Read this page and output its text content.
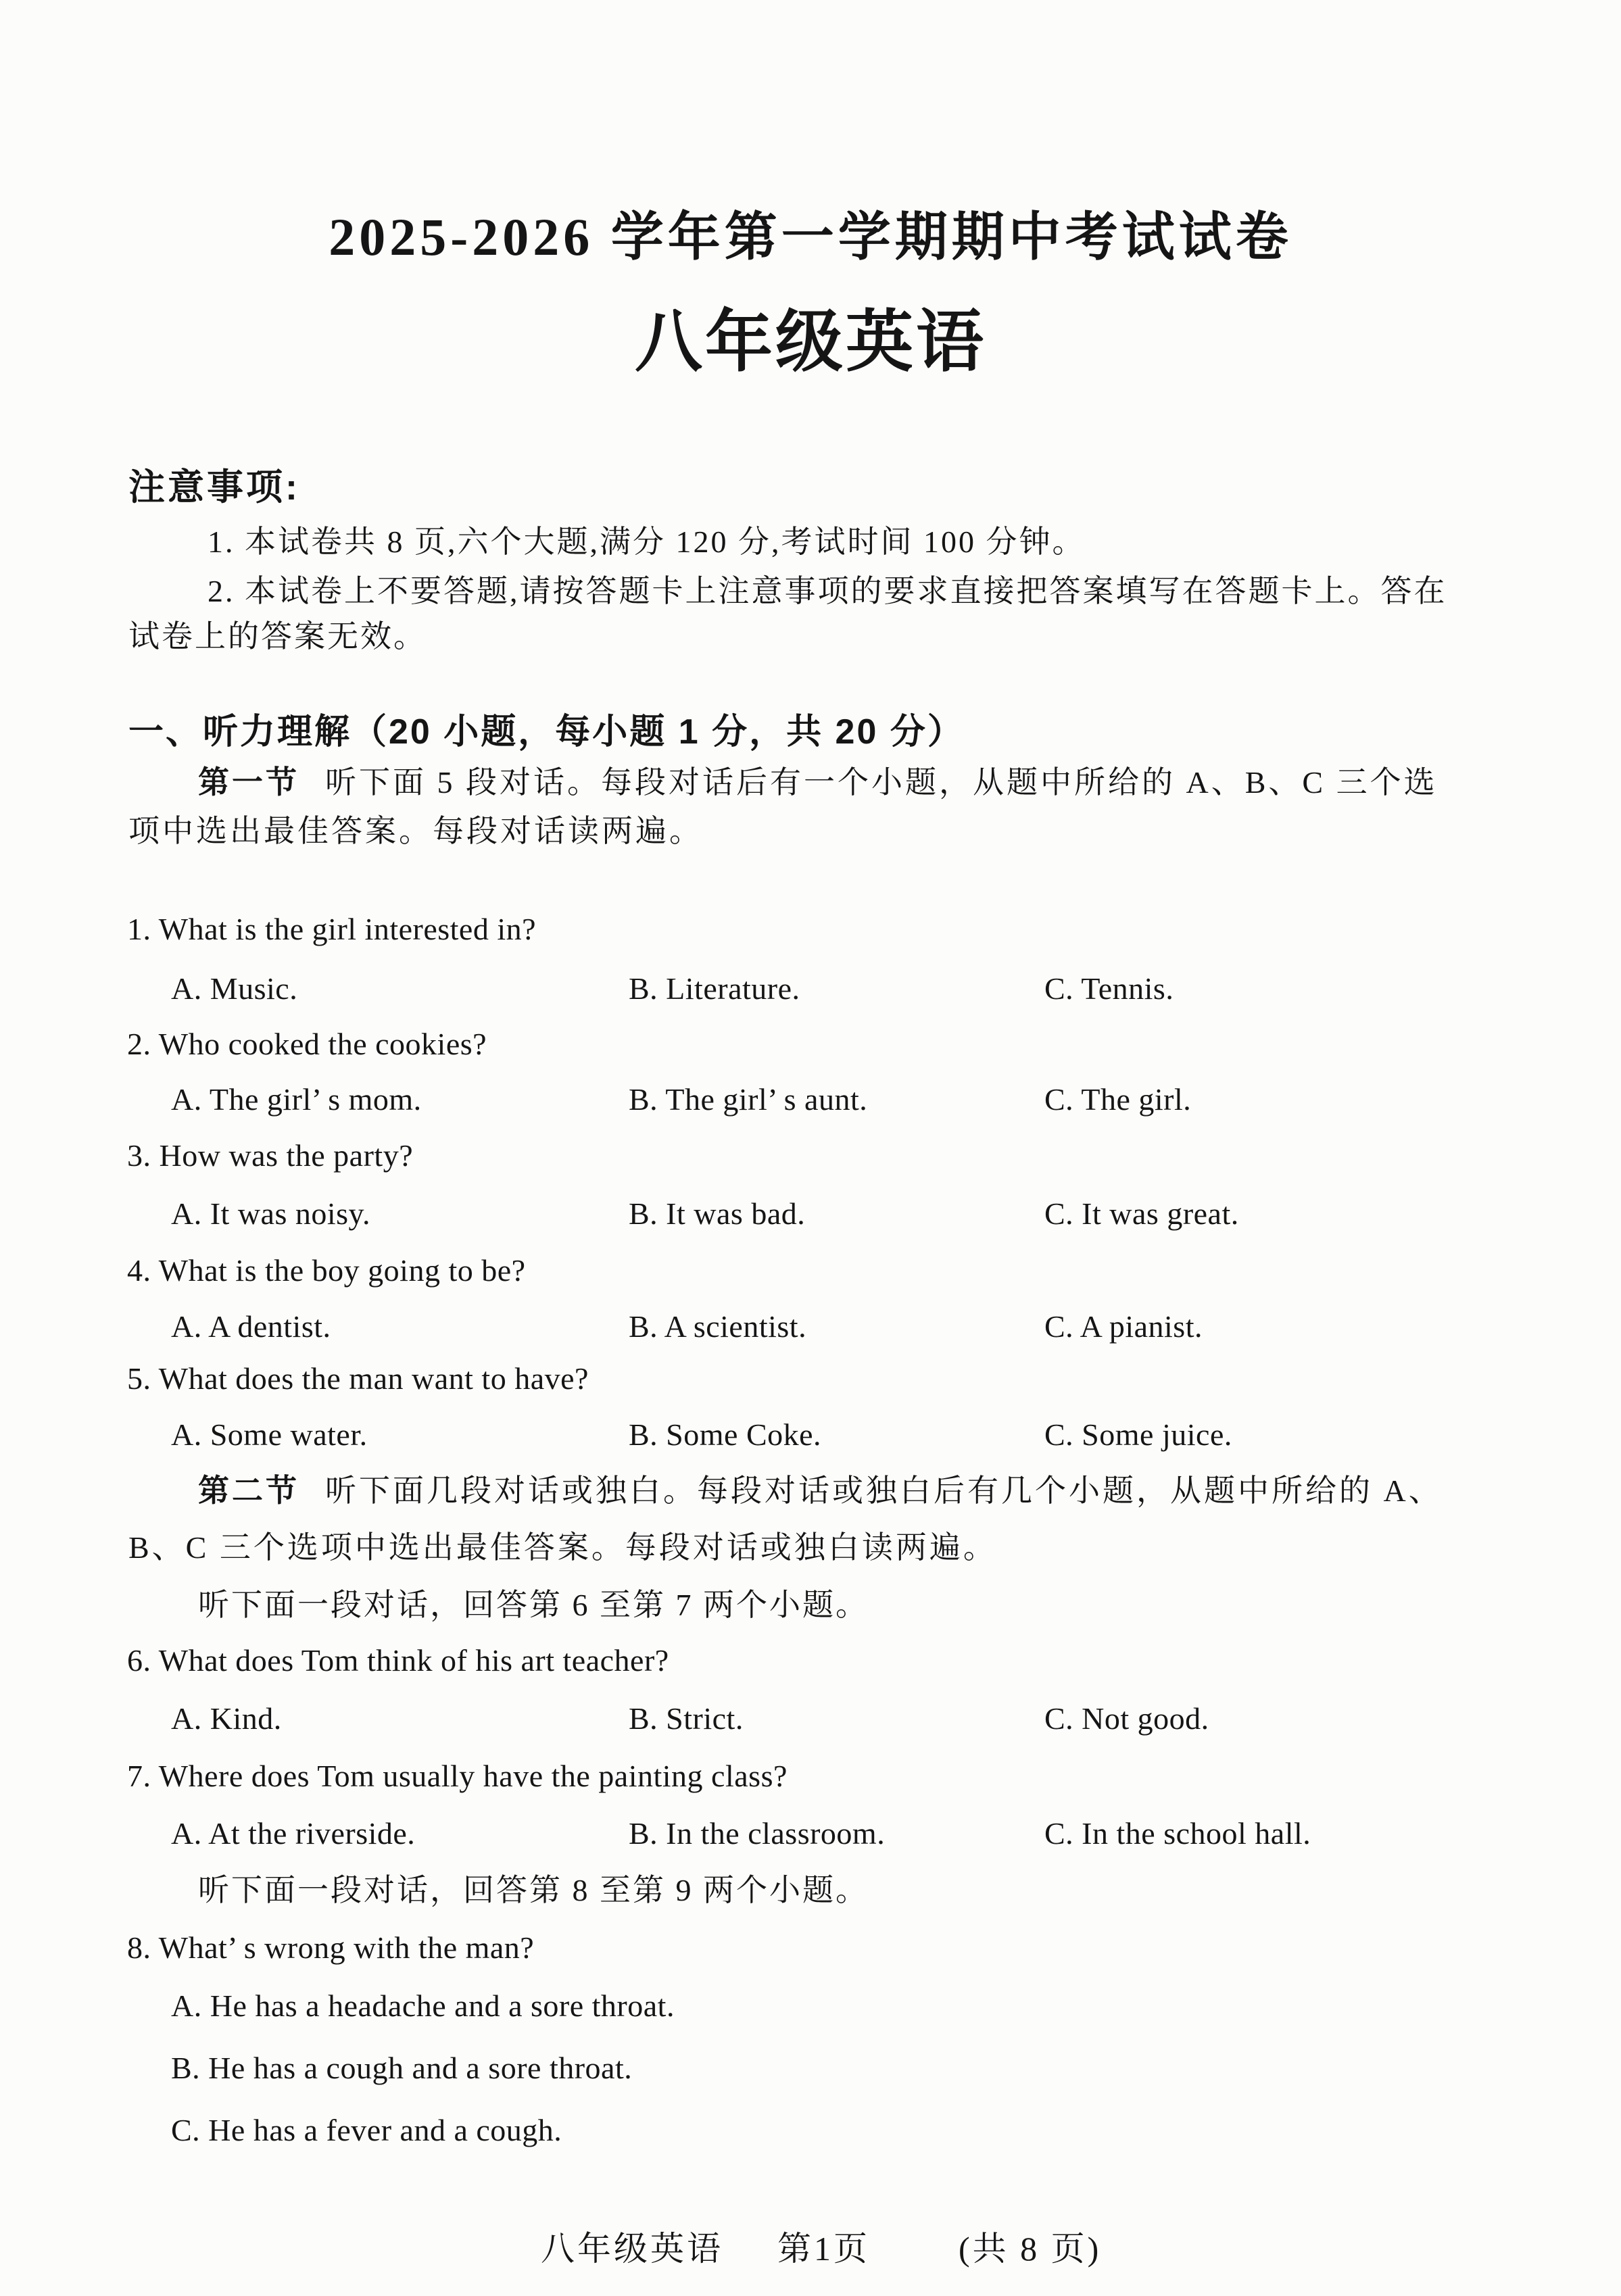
2025-2026 学年第一学期期中考试试卷
八年级英语
注意事项:
1. 本试卷共 8 页,六个大题,满分 120 分,考试时间 100 分钟。
2. 本试卷上不要答题,请按答题卡上注意事项的要求直接把答案填写在答题卡上。答在
试卷上的答案无效。
一、听力理解（20 小题，每小题 1 分，共 20 分）
第一节 听下面 5 段对话。每段对话后有一个小题，从题中所给的 A、B、C 三个选
项中选出最佳答案。每段对话读两遍。
1. What is the girl interested in?
A. Music.	B. Literature.	C. Tennis.
2. Who cooked the cookies?
A. The girl’ s mom.	B. The girl’ s aunt.	C. The girl.
3. How was the party?
A. It was noisy.	B. It was bad.	C. It was great.
4. What is the boy going to be?
A. A dentist.	B. A scientist.	C. A pianist.
5. What does the man want to have?
A. Some water.	B. Some Coke.	C. Some juice.
第二节 听下面几段对话或独白。每段对话或独白后有几个小题，从题中所给的 A、
B、C 三个选项中选出最佳答案。每段对话或独白读两遍。
听下面一段对话，回答第 6 至第 7 两个小题。
6. What does Tom think of his art teacher?
A. Kind.	B. Strict.	C. Not good.
7. Where does Tom usually have the painting class?
A. At the riverside.	B. In the classroom.	C. In the school hall.
听下面一段对话，回答第 8 至第 9 两个小题。
8. What’ s wrong with the man?
A. He has a headache and a sore throat.
B. He has a cough and a sore throat.
C. He has a fever and a cough.
八年级英语 第1页	(共 8 页)
